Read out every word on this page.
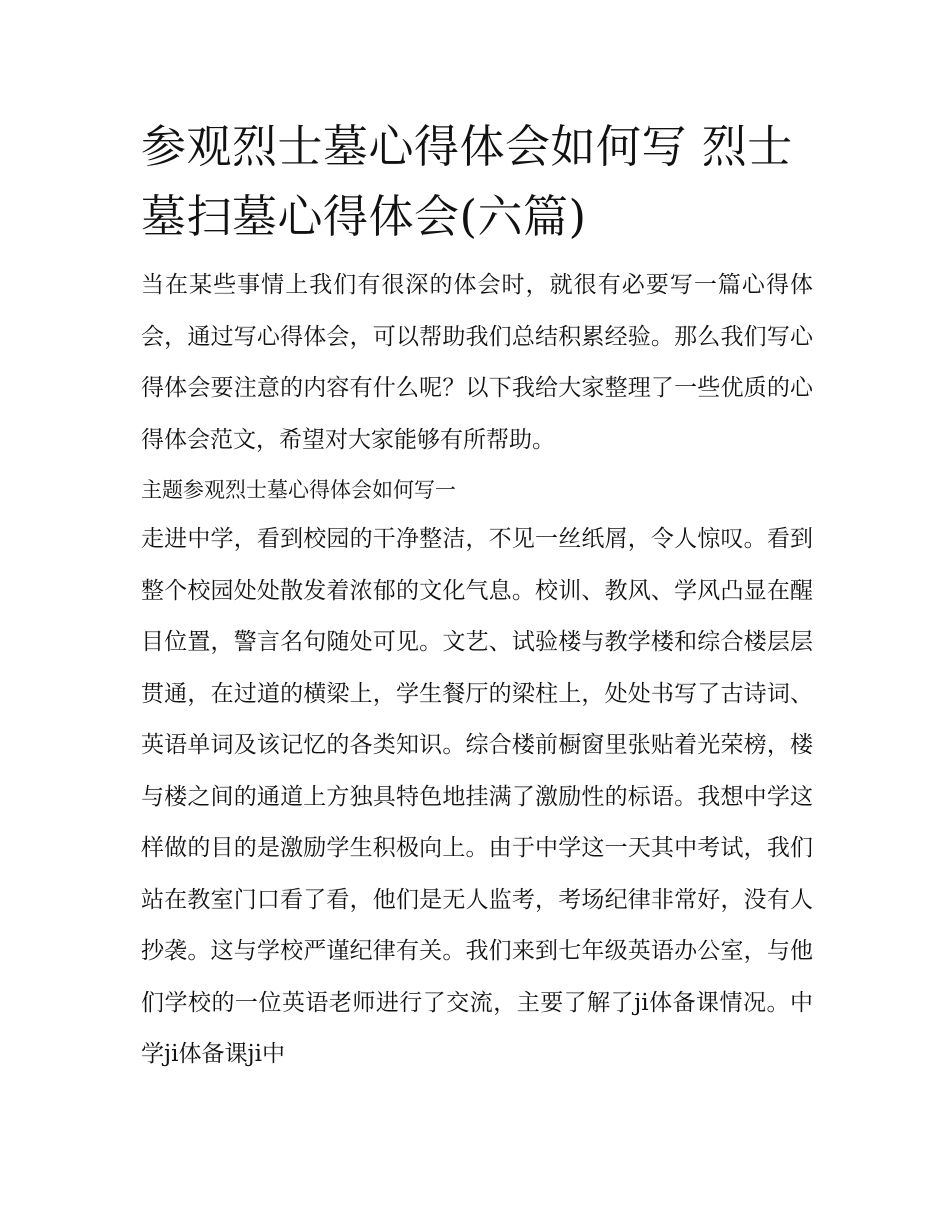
参观烈士墓心得体会如何写 烈士墓扫墓心得体会(六篇)

当在某些事情上我们有很深的体会时，就很有必要写一篇心得体会，通过写心得体会，可以帮助我们总结积累经验。那么我们写心得体会要注意的内容有什么呢？以下我给大家整理了一些优质的心得体会范文，希望对大家能够有所帮助。

主题参观烈士墓心得体会如何写一

走进中学，看到校园的干净整洁，不见一丝纸屑，令人惊叹。看到整个校园处处散发着浓郁的文化气息。校训、教风、学风凸显在醒目位置，警言名句随处可见。文艺、试验楼与教学楼和综合楼层层贯通，在过道的横梁上，学生餐厅的梁柱上，处处书写了古诗词、英语单词及该记忆的各类知识。综合楼前橱窗里张贴着光荣榜，楼与楼之间的通道上方独具特色地挂满了激励性的标语。我想中学这样做的目的是激励学生积极向上。由于中学这一天其中考试，我们站在教室门口看了看，他们是无人监考，考场纪律非常好，没有人抄袭。这与学校严谨纪律有关。我们来到七年级英语办公室，与他们学校的一位英语老师进行了交流，主要了解了ji体备课情况。中学ji体备课ji中
